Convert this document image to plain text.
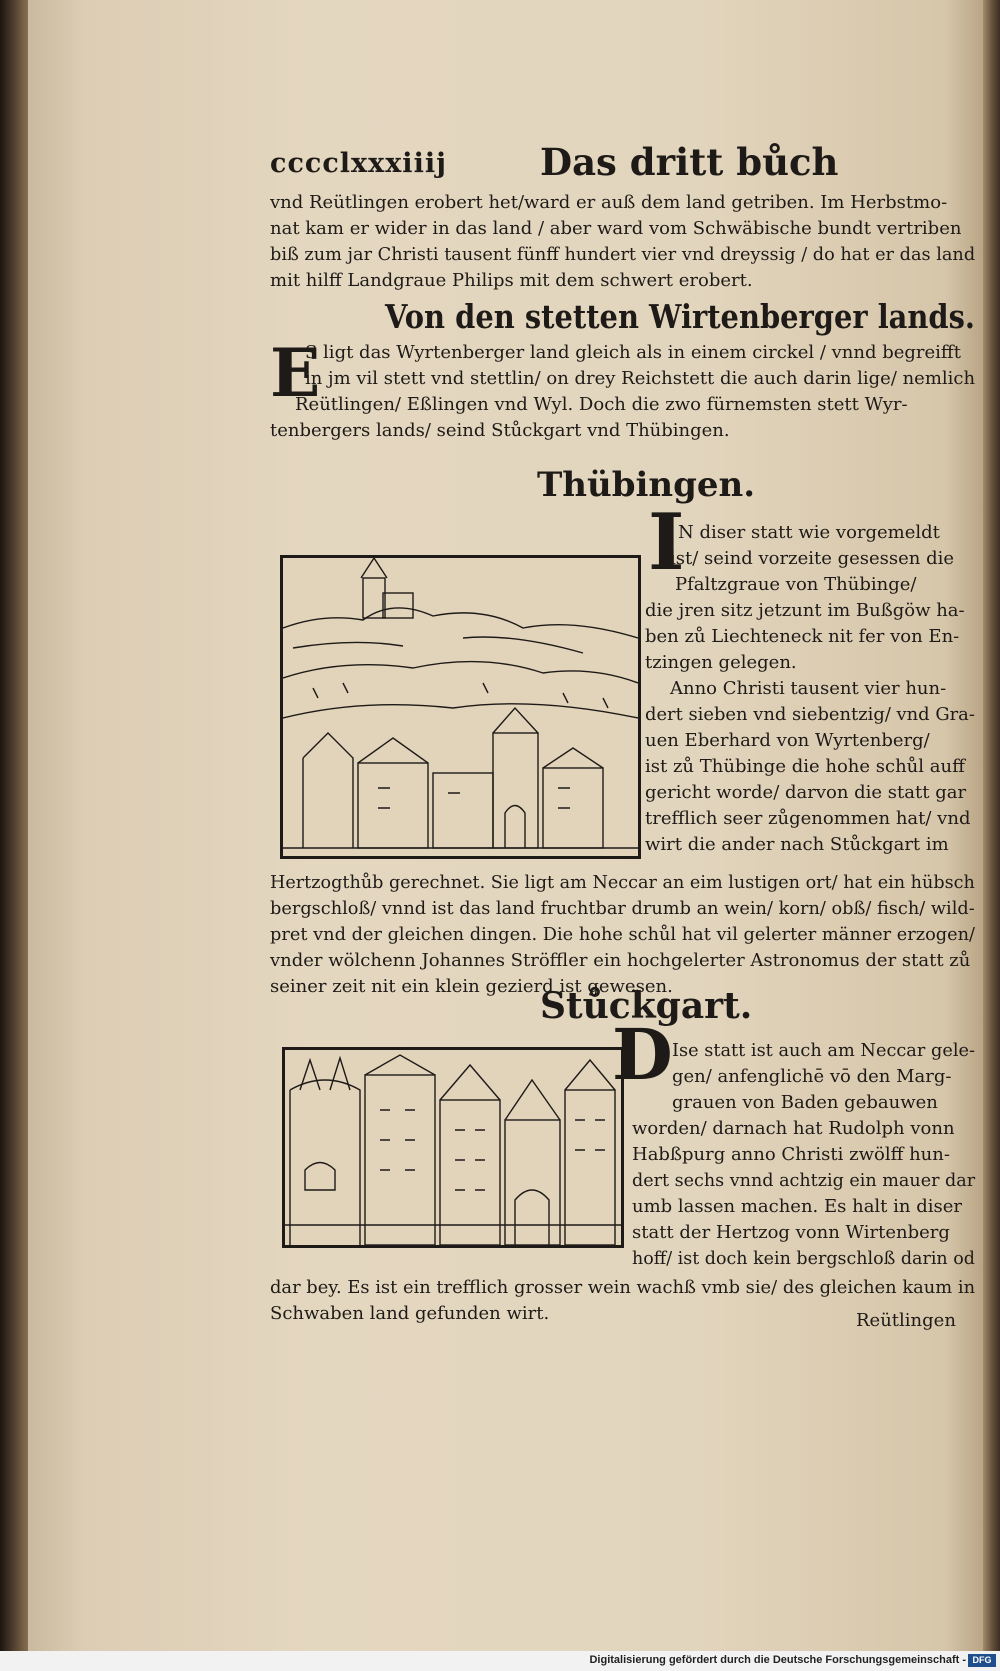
cccclxxxiiij	Das dritt bůch
vnd Reütlingen erobert het/ward er auß dem land getriben. Im Herbstmo-
nat kam er wider in das land / aber ward vom Schwäbische bundt vertriben
biß zum jar Christi tausent fünff hundert vier vnd dreyssig / do hat er das land
mit hilff Landgraue Philips mit dem schwert erobert.
Von den stetten Wirtenberger lands.
E
S ligt das Wyrtenberger land gleich als in einem circkel / vnnd begreifft
in jm vil stett vnd stettlin/ on drey Reichstett die auch darin lige/ nemlich
Reütlingen/ Eßlingen vnd Wyl. Doch die zwo fürnemsten stett Wyr-
tenbergers lands/ seind Stůckgart vnd Thübingen.
Thübingen.
I
N diser statt wie vorgemeldt
ist/ seind vorzeite gesessen die
Pfaltzgraue von Thübinge/
die jren sitz jetzunt im Bußgöw ha-
ben zů Liechteneck nit fer von En-
tzingen gelegen.
Anno Christi tausent vier hun-
dert sieben vnd siebentzig/ vnd Gra-
uen Eberhard von Wyrtenberg/
ist zů Thübinge die hohe schůl auff
gericht worde/ darvon die statt gar
trefflich seer zůgenommen hat/ vnd
wirt die ander nach Stůckgart im
Hertzogthůb gerechnet. Sie ligt am Neccar an eim lustigen ort/ hat ein hübsch
bergschloß/ vnnd ist das land fruchtbar drumb an wein/ korn/ obß/ fisch/ wild-
pret vnd der gleichen dingen. Die hohe schůl hat vil gelerter männer erzogen/
vnder wölchenn Johannes Ströffler ein hochgelerter Astronomus der statt zů
seiner zeit nit ein klein gezierd ist gewesen.
Stůckgart.
D Ise statt ist auch am Neccar gele-
gen/ anfenglichē vō den Marg-
grauen von Baden gebauwen
worden/ darnach hat Rudolph vonn
Habßpurg anno Christi zwölff hun-
dert sechs vnnd achtzig ein mauer dar
umb lassen machen. Es halt in diser
statt der Hertzog vonn Wirtenberg
hoff/ ist doch kein bergschloß darin od
dar bey. Es ist ein trefflich grosser wein wachß vmb sie/ des gleichen kaum in
Schwaben land gefunden wirt.	Reütlingen
Digitalisierung gefördert durch die Deutsche Forschungsgemeinschaft - DFG
